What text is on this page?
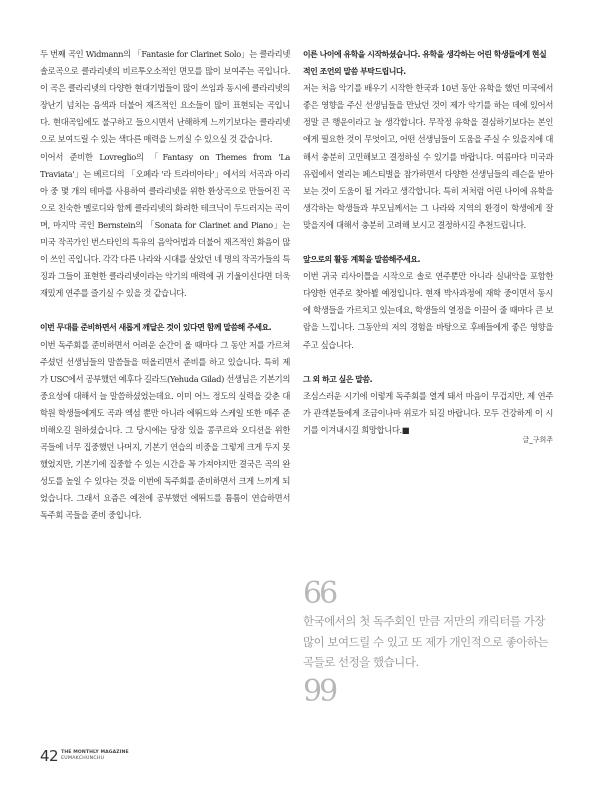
두 번째 곡인 Widmann의 「Fantasie for Clarinet Solo」는 클라리넷 솔로곡으로 클라리넷의 비르투오소적인 면모를 많이 보여주는 곡입니다. 이 곡은 클라리넷의 다양한 현대기법들이 많이 쓰임과 동시에 클라리넷의 장난기 넘치는 음색과 더불어 재즈적인 요소들이 많이 표현되는 곡입니다. 현대곡임에도 불구하고 들으시면서 난해하게 느끼기보다는 클라리넷으로 보여드릴 수 있는 색다른 매력을 느끼실 수 있으실 것 같습니다.

이어서 준비한 Lovreglio의 「Fantasy on Themes from 'La Traviata'」는 베르디의 「오페라 '라 트라비아타'」에서의 서곡과 아리아 중 몇 개의 테마를 사용하여 클라리넷을 위한 환상곡으로 만들어진 곡으로 친숙한 멜로디와 함께 클라리넷의 화려한 테크닉이 두드러지는 곡이며, 마지막 곡인 Bernstein의 「Sonata for Clarinet and Piano」는 미국 작곡가인 번스타인의 특유의 음악어법과 더불어 재즈적인 화음이 많이 쓰인 곡입니다. 각각 다른 나라와 시대를 살았던 네 명의 작곡가들의 특징과 그들이 표현한 클라리넷이라는 악기의 매력에 귀 기울이신다면 더욱 재밌게 연주를 즐기실 수 있을 것 같습니다.

이번 무대를 준비하면서 새롭게 깨달은 것이 있다면 함께 말씀해 주세요.

이번 독주회를 준비하면서 어려운 순간이 올 때마다 그 동안 저를 가르쳐 주셨던 선생님들의 말씀들을 떠올리면서 준비를 하고 있습니다. 특히 제가 USC에서 공부했던 예후다 길라드(Yehuda Gilad) 선생님은 기본기의 중요성에 대해서 늘 말씀하셨었는데요. 이미 어느 정도의 실력을 갖춘 대학원 학생들에게도 곡과 엑섬 뿐만 아니라 에뛰드와 스케일 또한 매주 준비해오길 원하셨습니다. 그 당시에는 당장 있을 콩쿠르와 오디션을 위한 곡들에 너무 집중했던 나머지, 기본기 연습의 비중을 그렇게 크게 두지 못했었지만, 기본기에 집중할 수 있는 시간을 꼭 가져야지만 결국은 곡의 완성도를 높일 수 있다는 것을 이번에 독주회를 준비하면서 크게 느끼게 되었습니다. 그래서 요즘은 예전에 공부했던 에뛰드를 틈틈이 연습하면서 독주회 곡들을 준비 중입니다.

이른 나이에 유학을 시작하셨습니다. 유학을 생각하는 어린 학생들에게 현실적인 조언의 말씀 부탁드립니다.

저는 처음 악기를 배우기 시작한 한국과 10년 동안 유학을 했던 미국에서 좋은 영향을 주신 선생님들을 만났던 것이 제가 악기를 하는 데에 있어서 정말 큰 행운이라고 늘 생각합니다. 무작정 유학을 결심하기보다는 본인에게 필요한 것이 무엇이고, 어떤 선생님들이 도움을 주실 수 있을지에 대해서 충분히 고민해보고 결정하실 수 있기를 바랍니다. 여름마다 미국과 유럽에서 열리는 페스티벌을 참가하면서 다양한 선생님들의 레슨을 받아보는 것이 도움이 될 거라고 생각합니다. 특히 저처럼 어린 나이에 유학을 생각하는 학생들과 부모님께서는 그 나라와 지역의 환경이 학생에게 잘 맞을지에 대해서 충분히 고려해 보시고 결정하시길 추천드립니다.

앞으로의 활동 계획을 말씀해주세요.

이번 귀국 리사이틀을 시작으로 솔로 연주뿐만 아니라 실내악을 포함한 다양한 연주로 찾아뵐 예정입니다. 현재 박사과정에 재학 중이면서 동시에 학생들을 가르치고 있는데요, 학생들의 열정을 이끌어 줄 때마다 큰 보람을 느낍니다. 그동안의 저의 경험을 바탕으로 후배들에게 좋은 영향을 주고 싶습니다.

그 외 하고 싶은 말씀.

조심스러운 시기에 이렇게 독주회를 열게 돼서 마음이 무겁지만, 제 연주가 관객분들에게 조금이나마 위로가 되길 바랍니다. 모두 건강하게 이 시기를 이겨내시길 희망합니다.■

글_구희주
66

한국에서의 첫 독주회인 만큼 저만의 캐릭터를 가장 많이 보여드릴 수 있고 또 제가 개인적으로 좋아하는 곡들로 선정을 했습니다.

99
42 THE MONTHLY MAGAZINE
EUMAKCHUNCHU
